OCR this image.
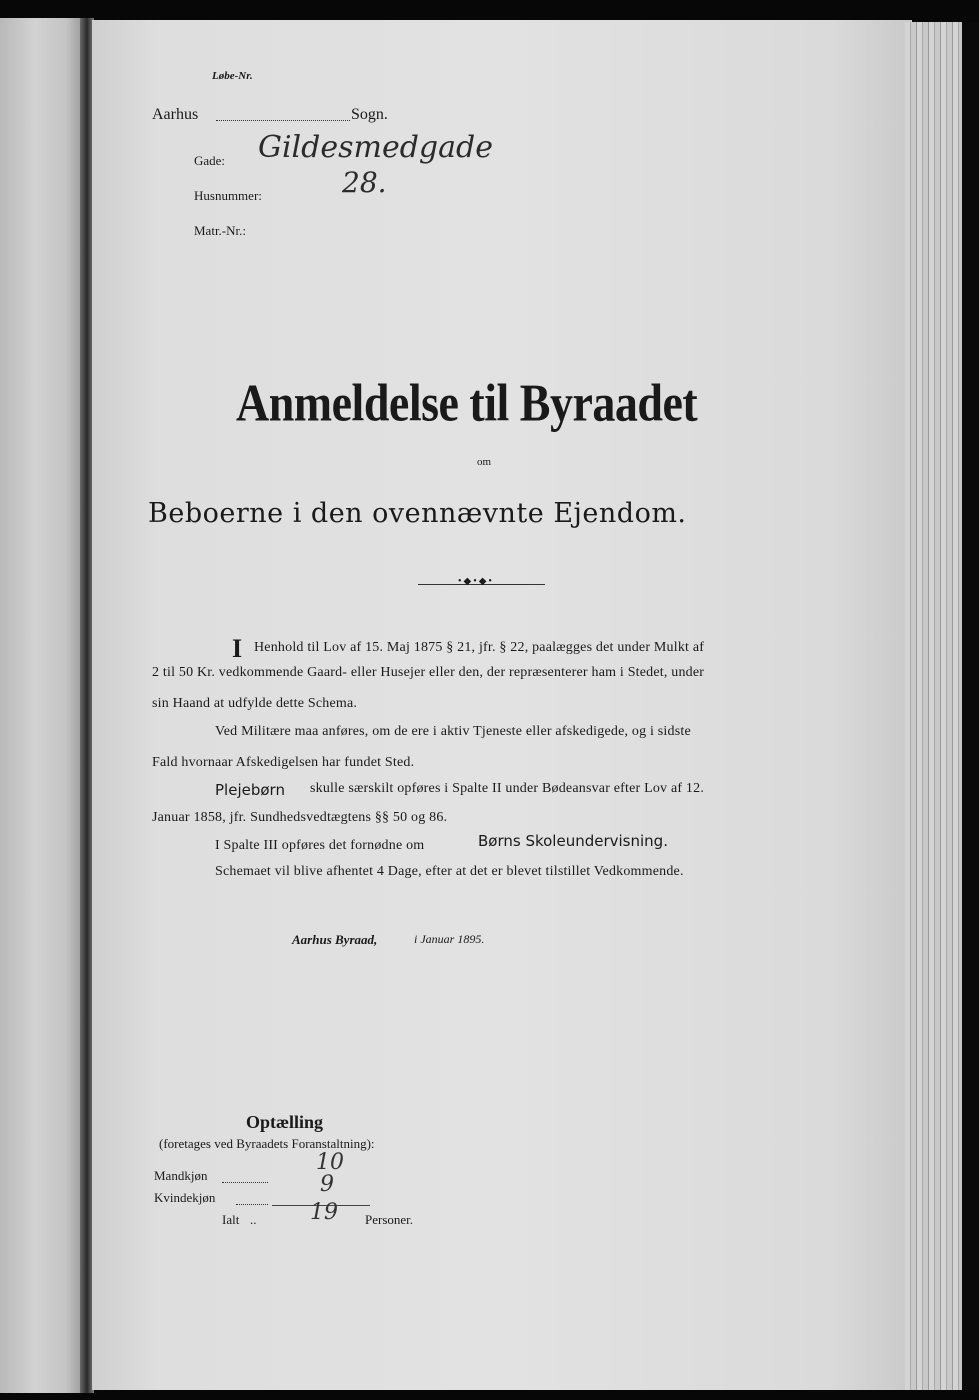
Løbe-Nr.
Aarhus	Sogn.
Gade: Gildesmedgade
Husnummer:	28.
Matr.-Nr.:
Anmeldelse til Byraadet
om
Beboerne i den ovennævnte Ejendom.
•◆•◆•
I Henhold til Lov af 15. Maj 1875 § 21, jfr. § 22, paalægges det under Mulkt af
2 til 50 Kr. vedkommende Gaard- eller Husejer eller den, der repræsenterer ham i Stedet, under
sin Haand at udfylde dette Schema.
Ved Militære maa anføres, om de ere i aktiv Tjeneste eller afskedigede, og i sidste
Fald hvornaar Afskedigelsen har fundet Sted.
Plejebørn skulle særskilt opføres i Spalte II under Bødeansvar efter Lov af 12.
Januar 1858, jfr. Sundhedsvedtægtens §§ 50 og 86.
I Spalte III opføres det fornødne om	Børns Skoleundervisning.
Schemaet vil blive afhentet 4 Dage, efter at det er blevet tilstillet Vedkommende.
Aarhus Byraad,	i Januar 1895.
Optælling
(foretages ved Byraadets Foranstaltning):
Mandkjøn
10
Kvindekjøn
9
Ialt .. 19 Personer.
